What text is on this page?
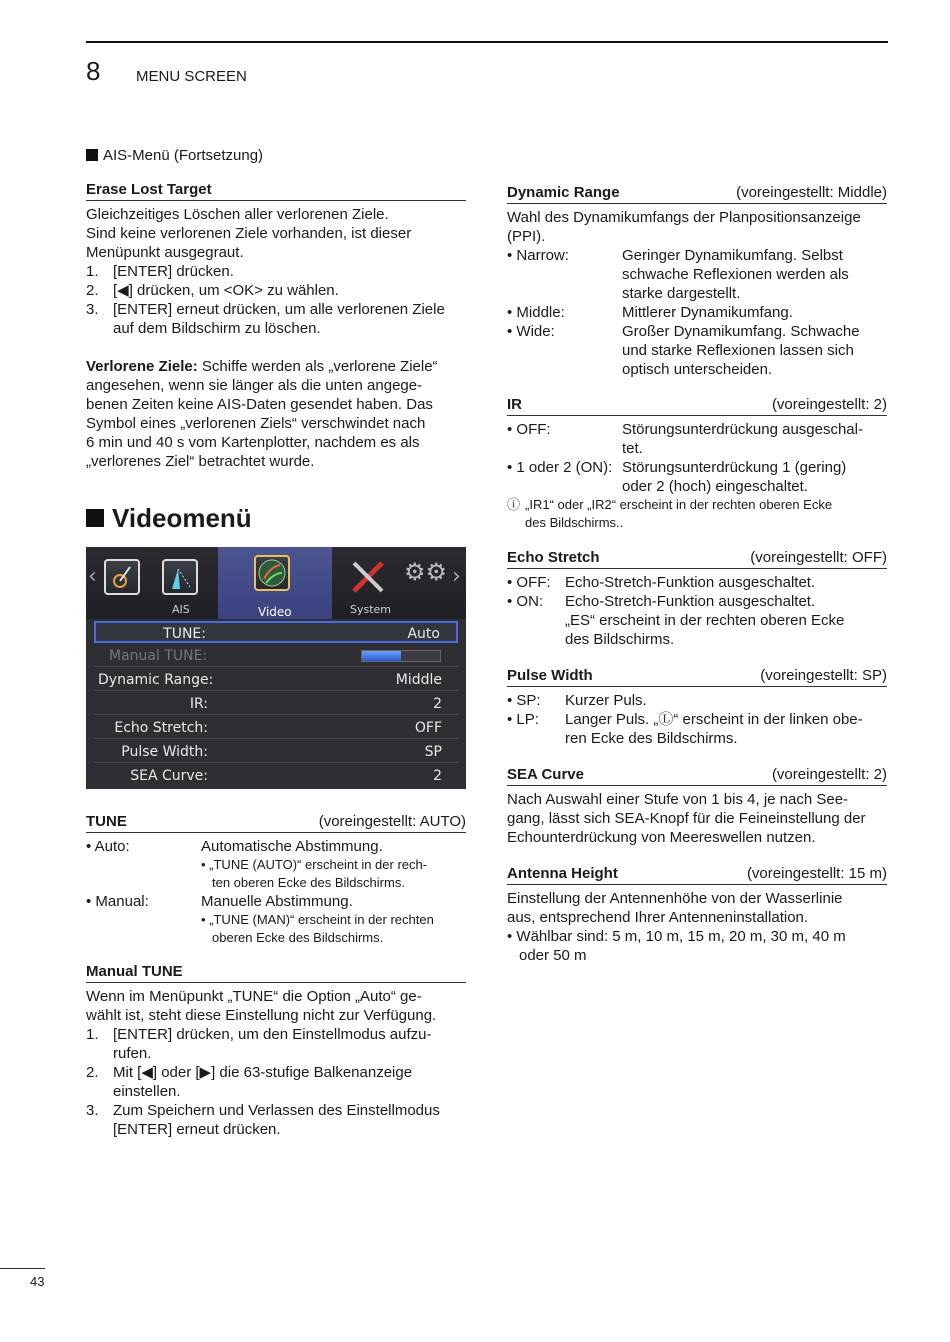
8 MENU SCREEN
AIS-Menü (Fortsetzung)
Erase Lost Target
Gleichzeitiges Löschen aller verlorenen Ziele.
Sind keine verlorenen Ziele vorhanden, ist dieser
Menüpunkt ausgegraut.
1. [ENTER] drücken.
2. [◀] drücken, um <OK> zu wählen.
3. [ENTER] erneut drücken, um alle verlorenen Ziele
auf dem Bildschirm zu löschen.
Verlorene Ziele: Schiffe werden als „verlorene Ziele“
angesehen, wenn sie länger als die unten angege-
benen Zeiten keine AIS-Daten gesendet haben. Das
Symbol eines „verlorenen Ziels“ verschwindet nach
6 min und 40 s vom Kartenplotter, nachdem es als
„verlorenes Ziel“ betrachtet wurde.
Videomenü
‹
AIS	Video	System
⚙⚙ ›
TUNE:	Auto
Manual TUNE:
Dynamic Range:	Middle
IR:	2
Echo Stretch:	OFF
Pulse Width:	SP
SEA Curve:	2
TUNE	(voreingestellt: AUTO)
• Auto:	Automatische Abstimmung.
• „TUNE (AUTO)“ erscheint in der rech-
ten oberen Ecke des Bildschirms.
• Manual:	Manuelle Abstimmung.
• „TUNE (MAN)“ erscheint in der rechten
oberen Ecke des Bildschirms.
Manual TUNE
Wenn im Menüpunkt „TUNE“ die Option „Auto“ ge-
wählt ist, steht diese Einstellung nicht zur Verfügung.
1. [ENTER] drücken, um den Einstellmodus aufzu-
rufen.
2. Mit [◀] oder [▶] die 63-stufige Balkenanzeige
einstellen.
3. Zum Speichern und Verlassen des Einstellmodus
[ENTER] erneut drücken.
Dynamic Range	(voreingestellt: Middle)
Wahl des Dynamikumfangs der Planpositionsanzeige
(PPI).
• Narrow:	Geringer Dynamikumfang. Selbst
schwache Reflexionen werden als
starke dargestellt.
• Middle:	Mittlerer Dynamikumfang.
• Wide:	Großer Dynamikumfang. Schwache
und starke Reflexionen lassen sich
optisch unterscheiden.
IR	(voreingestellt: 2)
• OFF:	Störungsunterdrückung ausgeschal-
tet.
• 1 oder 2 (ON): Störungsunterdrückung 1 (gering)
oder 2 (hoch) eingeschaltet.
ⓘ „IR1“ oder „IR2“ erscheint in der rechten oberen Ecke
des Bildschirms..
Echo Stretch	(voreingestellt: OFF)
• OFF: Echo-Stretch-Funktion ausgeschaltet.
• ON:	Echo-Stretch-Funktion ausgeschaltet.
„ES“ erscheint in der rechten oberen Ecke
des Bildschirms.
Pulse Width	(voreingestellt: SP)
• SP:	Kurzer Puls.
• LP:	Langer Puls. „Ⓛ“ erscheint in der linken obe-
ren Ecke des Bildschirms.
SEA Curve	(voreingestellt: 2)
Nach Auswahl einer Stufe von 1 bis 4, je nach See-
gang, lässt sich SEA-Knopf für die Feineinstellung der
Echounterdrückung von Meereswellen nutzen.
Antenna Height	(voreingestellt: 15 m)
Einstellung der Antennenhöhe von der Wasserlinie
aus, entsprechend Ihrer Antenneninstallation.
• Wählbar sind: 5 m, 10 m, 15 m, 20 m, 30 m, 40 m
oder 50 m
43
